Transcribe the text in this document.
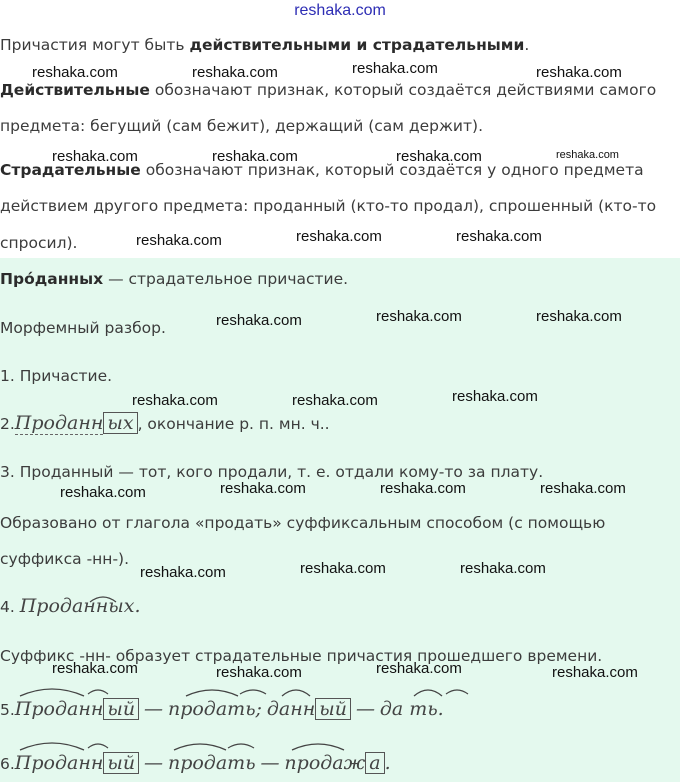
reshaka.com
Причастия могут быть действительными и страдательными.
Действительные обозначают признак, который создаётся действиями самого
предмета: бегущий (сам бежит), держащий (сам держит).
Страдательные обозначают признак, который создаётся у одного предмета
действием другого предмета: проданный (кто-то продал), спрошенный (кто-то
спросил).
Про́данных — страдательное причастие.
Морфемный разбор.
1. Причастие.
2.Проданн ых , окончание р. п. мн. ч..
3. Проданный — тот, кого продали, т. е. отдали кому-то за плату.
Образовано от глагола «продать» суффиксальным способом (с помощью
суффикса -нн-).
4. Проданных.
Суффикс -нн- образует страдательные причастия прошедшего времени.
5.Проданн ый — продать; данн ый — да ть.
6.Проданн ый — продать — продаж а .
reshaka.com	reshaka.com	reshaka.com	reshaka.com
reshaka.com	reshaka.com	reshaka.com	reshaka.com
reshaka.com	reshaka.com	reshaka.com
reshaka.com	reshaka.com	reshaka.com
reshaka.com	reshaka.com	reshaka.com
reshaka.com	reshaka.com	reshaka.com	reshaka.com
reshaka.com	reshaka.com	reshaka.com
reshaka.com	reshaka.com	reshaka.com	reshaka.com
